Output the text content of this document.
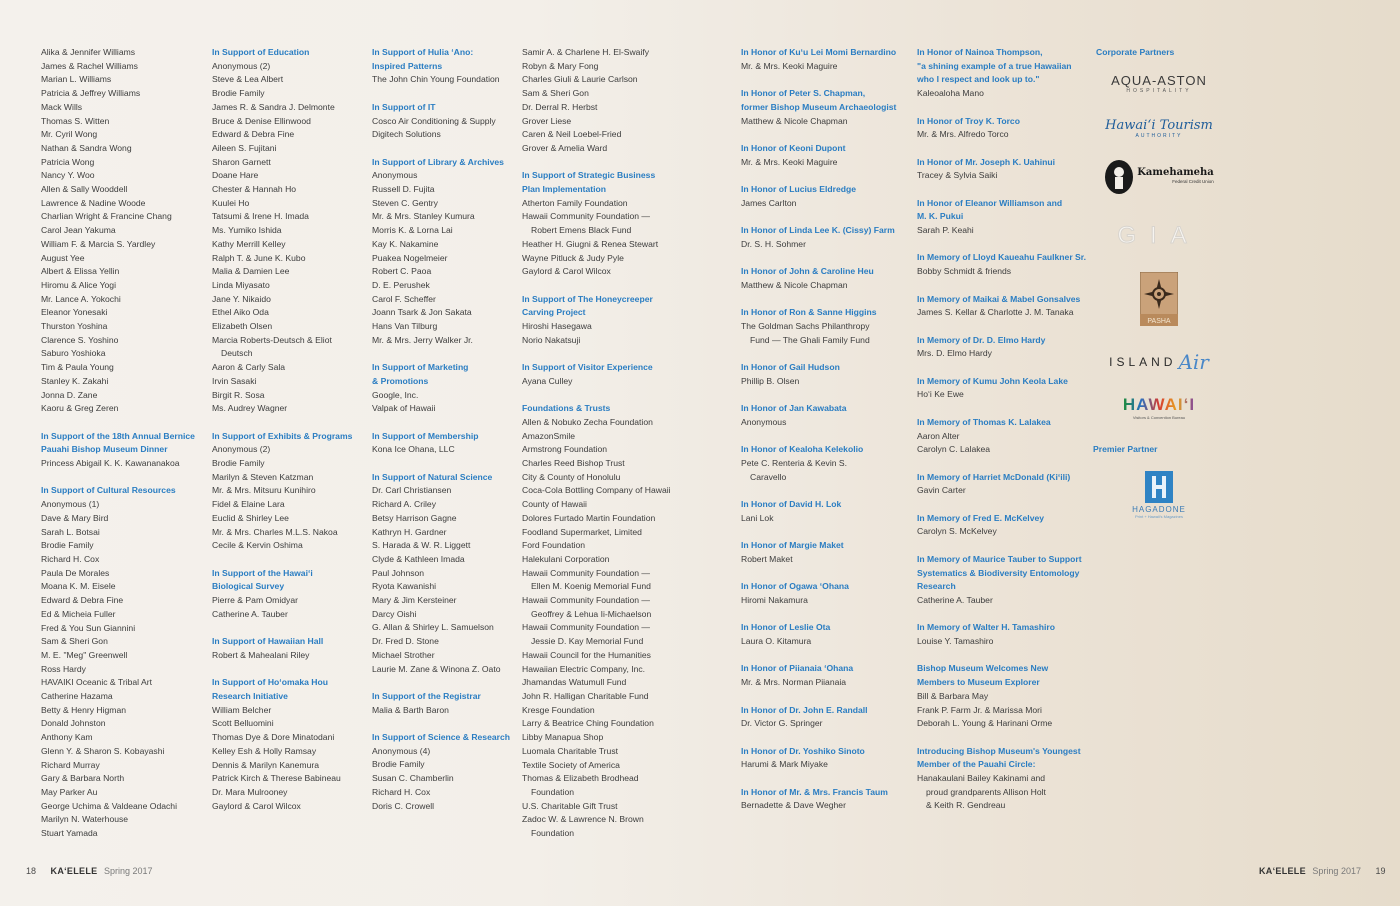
Alika & Jennifer Williams
James & Rachel Williams
Marian L. Williams
Patricia & Jeffrey Williams
Mack Wills
Thomas S. Witten
Mr. Cyril Wong
Nathan & Sandra Wong
Patricia Wong
Nancy Y. Woo
Allen & Sally Wooddell
Lawrence & Nadine Woode
Charlian Wright & Francine Chang
Carol Jean Yakuma
William F. & Marcia S. Yardley
August Yee
Albert & Elissa Yellin
Hiromu & Alice Yogi
Mr. Lance A. Yokochi
Eleanor Yonesaki
Thurston Yoshina
Clarence S. Yoshino
Saburo Yoshioka
Tim & Paula Young
Stanley K. Zakahi
Jonna D. Zane
Kaoru & Greg Zeren
In Support of the 18th Annual Bernice
Pauahi Bishop Museum Dinner
Princess Abigail K. K. Kawananakoa
In Support of Cultural Resources
Anonymous (1)
Dave & Mary Bird
Sarah L. Botsai
Brodie Family
Richard H. Cox
Paula De Morales
Moana K. M. Eisele
Edward & Debra Fine
Ed & Micheia Fuller
Fred & You Sun Giannini
Sam & Sheri Gon
M. E. "Meg" Greenwell
Ross Hardy
HAVAIKI Oceanic & Tribal Art
Catherine Hazama
Betty & Henry Higman
Donald Johnston
Anthony Kam
Glenn Y. & Sharon S. Kobayashi
Richard Murray
Gary & Barbara North
May Parker Au
George Uchima & Valdeane Odachi
Marilyn N. Waterhouse
Stuart Yamada
In Support of Education
Anonymous (2)
Steve & Lea Albert
Brodie Family
James R. & Sandra J. Delmonte
Bruce & Denise Ellinwood
Edward & Debra Fine
Aileen S. Fujitani
Sharon Garnett
Doane Hare
Chester & Hannah Ho
Kuulei Ho
Tatsumi & Irene H. Imada
Ms. Yumiko Ishida
Kathy Merrill Kelley
Ralph T. & June K. Kubo
Malia & Damien Lee
Linda Miyasato
Jane Y. Nikaido
Ethel Aiko Oda
Elizabeth Olsen
Marcia Roberts-Deutsch & Eliot
Deutsch
Aaron & Carly Sala
Irvin Sasaki
Birgit R. Sosa
Ms. Audrey Wagner
In Support of Exhibits & Programs
Anonymous (2)
Brodie Family
Marilyn & Steven Katzman
Mr. & Mrs. Mitsuru Kunihiro
Fidel & Elaine Lara
Euclid & Shirley Lee
Mr. & Mrs. Charles M.L.S. Nakoa
Cecile & Kervin Oshima
In Support of the Hawai‘i
Biological Survey
Pierre & Pam Omidyar
Catherine A. Tauber
In Support of Hawaiian Hall
Robert & Mahealani Riley
In Support of Ho‘omaka Hou
Research Initiative
William Belcher
Scott Belluomini
Thomas Dye & Dore Minatodani
Kelley Esh & Holly Ramsay
Dennis & Marilyn Kanemura
Patrick Kirch & Therese Babineau
Dr. Mara Mulrooney
Gaylord & Carol Wilcox
In Support of Hulia ‘Ano:
Inspired Patterns
The John Chin Young Foundation
In Support of IT
Cosco Air Conditioning & Supply
Digitech Solutions
In Support of Library & Archives
Anonymous
Russell D. Fujita
Steven C. Gentry
Mr. & Mrs. Stanley Kumura
Morris K. & Lorna Lai
Kay K. Nakamine
Puakea Nogelmeier
Robert C. Paoa
D. E. Perushek
Carol F. Scheffer
Joann Tsark & Jon Sakata
Hans Van Tilburg
Mr. & Mrs. Jerry Walker Jr.
In Support of Marketing
& Promotions
Google, Inc.
Valpak of Hawaii
In Support of Membership
Kona Ice Ohana, LLC
In Support of Natural Science
Dr. Carl Christiansen
Richard A. Criley
Betsy Harrison Gagne
Kathryn H. Gardner
S. Harada & W. R. Liggett
Clyde & Kathleen Imada
Paul Johnson
Ryota Kawanishi
Mary & Jim Kersteiner
Darcy Oishi
G. Allan & Shirley L. Samuelson
Dr. Fred D. Stone
Michael Strother
Laurie M. Zane & Winona Z. Oato
In Support of the Registrar
Malia & Barth Baron
In Support of Science & Research
Anonymous (4)
Brodie Family
Susan C. Chamberlin
Richard H. Cox
Doris C. Crowell
Samir A. & Charlene H. El-Swaify
Robyn & Mary Fong
Charles Giuli & Laurie Carlson
Sam & Sheri Gon
Dr. Derral R. Herbst
Grover Liese
Caren & Neil Loebel-Fried
Grover & Amelia Ward
In Support of Strategic Business
Plan Implementation
Atherton Family Foundation
Hawaii Community Foundation —
Robert Emens Black Fund
Heather H. Giugni & Renea Stewart
Wayne Pitluck & Judy Pyle
Gaylord & Carol Wilcox
In Support of The Honeycreeper
Carving Project
Hiroshi Hasegawa
Norio Nakatsuji
In Support of Visitor Experience
Ayana Culley
Foundations & Trusts
Allen & Nobuko Zecha Foundation
AmazonSmile
Armstrong Foundation
Charles Reed Bishop Trust
City & County of Honolulu
Coca-Cola Bottling Company of Hawaii
County of Hawaii
Dolores Furtado Martin Foundation
Foodland Supermarket, Limited
Ford Foundation
Halekulani Corporation
Hawaii Community Foundation —
Ellen M. Koenig Memorial Fund
Hawaii Community Foundation —
Geoffrey & Lehua Ii-Michaelson
Hawaii Community Foundation —
Jessie D. Kay Memorial Fund
Hawaii Council for the Humanities
Hawaiian Electric Company, Inc.
Jhamandas Watumull Fund
John R. Halligan Charitable Fund
Kresge Foundation
Larry & Beatrice Ching Foundation
Libby Manapua Shop
Luomala Charitable Trust
Textile Society of America
Thomas & Elizabeth Brodhead
Foundation
U.S. Charitable Gift Trust
Zadoc W. & Lawrence N. Brown
Foundation
In Honor of Ku‘u Lei Momi Bernardino
Mr. & Mrs. Keoki Maguire
In Honor of Peter S. Chapman,
former Bishop Museum Archaeologist
Matthew & Nicole Chapman
In Honor of Keoni Dupont
Mr. & Mrs. Keoki Maguire
In Honor of Lucius Eldredge
James Carlton
In Honor of Linda Lee K. (Cissy) Farm
Dr. S. H. Sohmer
In Honor of John & Caroline Heu
Matthew & Nicole Chapman
In Honor of Ron & Sanne Higgins
The Goldman Sachs Philanthropy
Fund — The Ghali Family Fund
In Honor of Gail Hudson
Phillip B. Olsen
In Honor of Jan Kawabata
Anonymous
In Honor of Kealoha Kelekolio
Pete C. Renteria & Kevin S.
Caravello
In Honor of David H. Lok
Lani Lok
In Honor of Margie Maket
Robert Maket
In Honor of Ogawa ‘Ohana
Hiromi Nakamura
In Honor of Leslie Ota
Laura O. Kitamura
In Honor of Piianaia ‘Ohana
Mr. & Mrs. Norman Piianaia
In Honor of Dr. John E. Randall
Dr. Victor G. Springer
In Honor of Dr. Yoshiko Sinoto
Harumi & Mark Miyake
In Honor of Mr. & Mrs. Francis Taum
Bernadette & Dave Wegher
In Honor of Nainoa Thompson,
"a shining example of a true Hawaiian
who I respect and look up to."
Kaleoaloha Mano
In Honor of Troy K. Torco
Mr. & Mrs. Alfredo Torco
In Honor of Mr. Joseph K. Uahinui
Tracey & Sylvia Saiki
In Honor of Eleanor Williamson and
M. K. Pukui
Sarah P. Keahi
In Memory of Lloyd Kaueahu Faulkner Sr.
Bobby Schmidt & friends
In Memory of Maikai & Mabel Gonsalves
James S. Kellar & Charlotte J. M. Tanaka
In Memory of Dr. D. Elmo Hardy
Mrs. D. Elmo Hardy
In Memory of Kumu John Keola Lake
Ho‘i Ke Ewe
In Memory of Thomas K. Lalakea
Aaron Alter
Carolyn C. Lalakea
In Memory of Harriet McDonald (Ki‘ili)
Gavin Carter
In Memory of Fred E. McKelvey
Carolyn S. McKelvey
In Memory of Maurice Tauber to Support
Systematics & Biodiversity Entomology
Research
Catherine A. Tauber
In Memory of Walter H. Tamashiro
Louise Y. Tamashiro
Bishop Museum Welcomes New
Members to Museum Explorer
Bill & Barbara May
Frank P. Farm Jr. & Marissa Mori
Deborah L. Young & Harinani Orme
Introducing Bishop Museum's Youngest
Member of the Pauahi Circle:
Hanakaulani Bailey Kakinami and
proud grandparents Allison Holt
& Keith R. Gendreau
Corporate Partners
AQUA-ASTON
HOSPITALITY
Hawai‘i Tourism
AUTHORITY
Kamehameha
Federal Credit Union
GIA
PASHA
ISLAND Air
HAWAI‘I
Visitors & Convention Bureau
Premier Partner
HAGADONE
Print + Hawaii's Magazines
18 KA‘ELELE Spring 2017	KA‘ELELE Spring 2017 19
